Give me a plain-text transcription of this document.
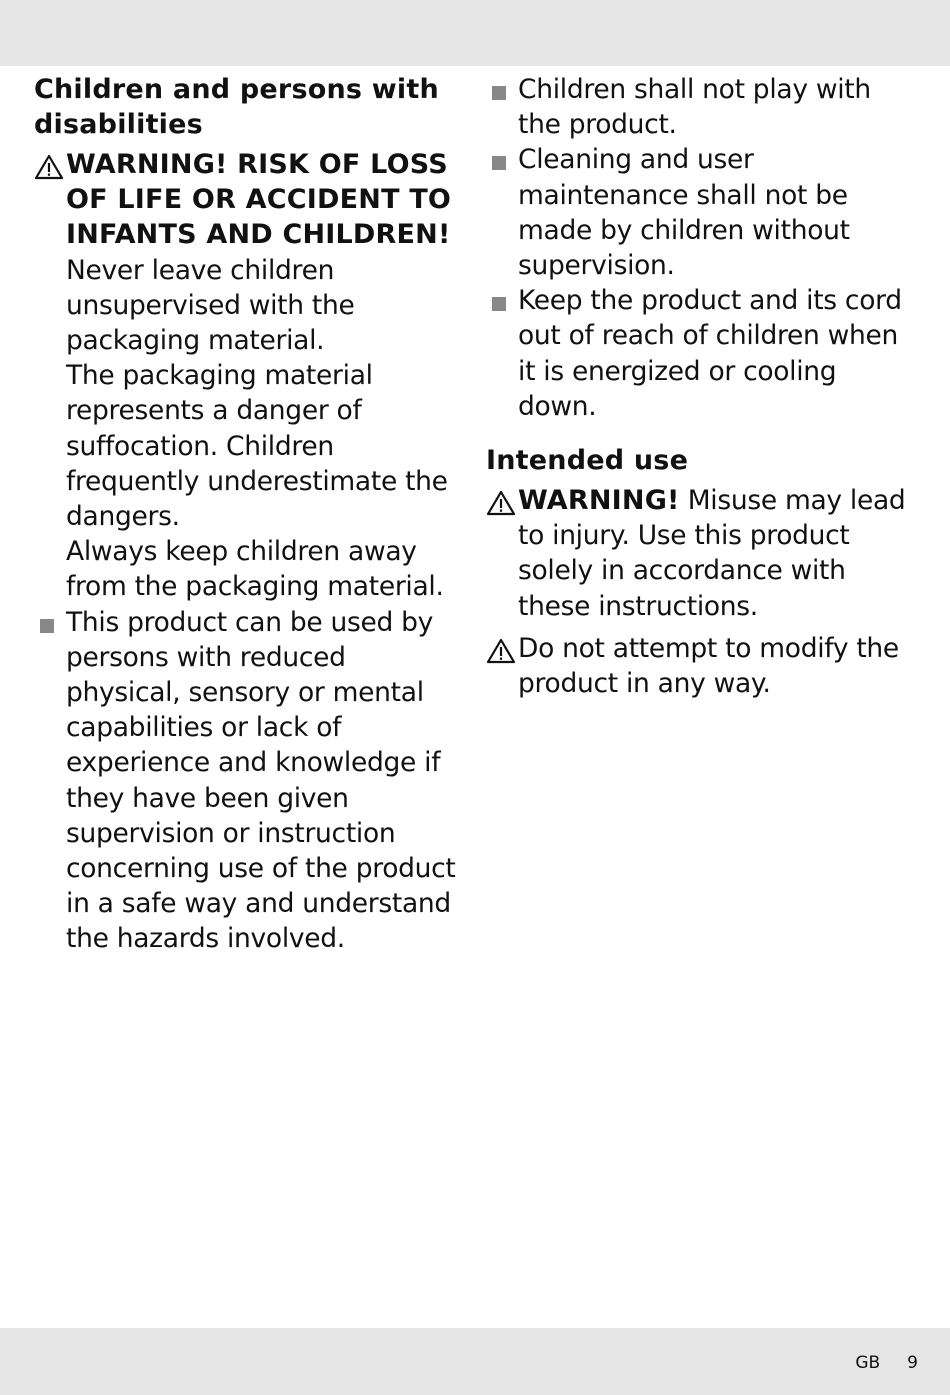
Children and persons with disabilities
WARNING! RISK OF LOSS OF LIFE OR ACCIDENT TO INFANTS AND CHILDREN!
Never leave children unsupervised with the packaging material.
The packaging material represents a danger of suffocation. Children frequently underestimate the dangers.
Always keep children away from the packaging material.
This product can be used by persons with reduced physical, sensory or mental capabilities or lack of experience and knowledge if they have been given supervision or instruction concerning use of the product in a safe way and understand the hazards involved.
Children shall not play with the product.
Cleaning and user maintenance shall not be made by children without supervision.
Keep the product and its cord out of reach of children when it is energized or cooling down.
Intended use
WARNING! Misuse may lead to injury. Use this product solely in accordance with these instructions.
Do not attempt to modify the product in any way.
GB 9
